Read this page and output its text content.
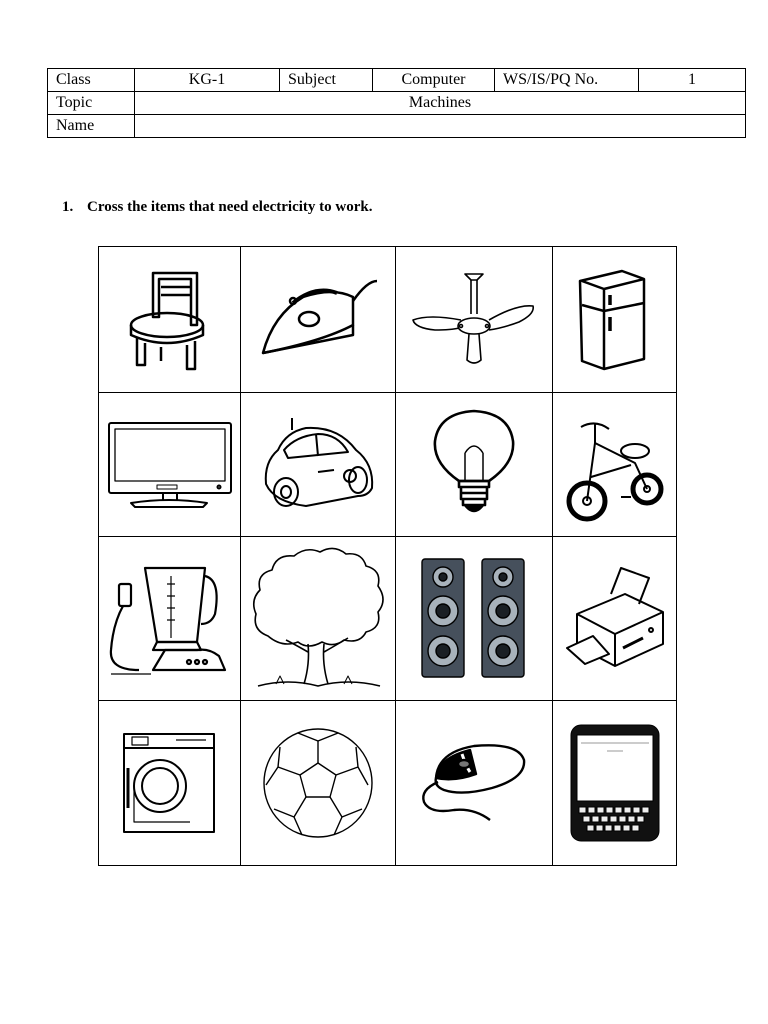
Class	KG-1	Subject	Computer	WS/IS/PQ No.	1
Topic	Machines				
Name					
1. Cross the items that need electricity to work.
